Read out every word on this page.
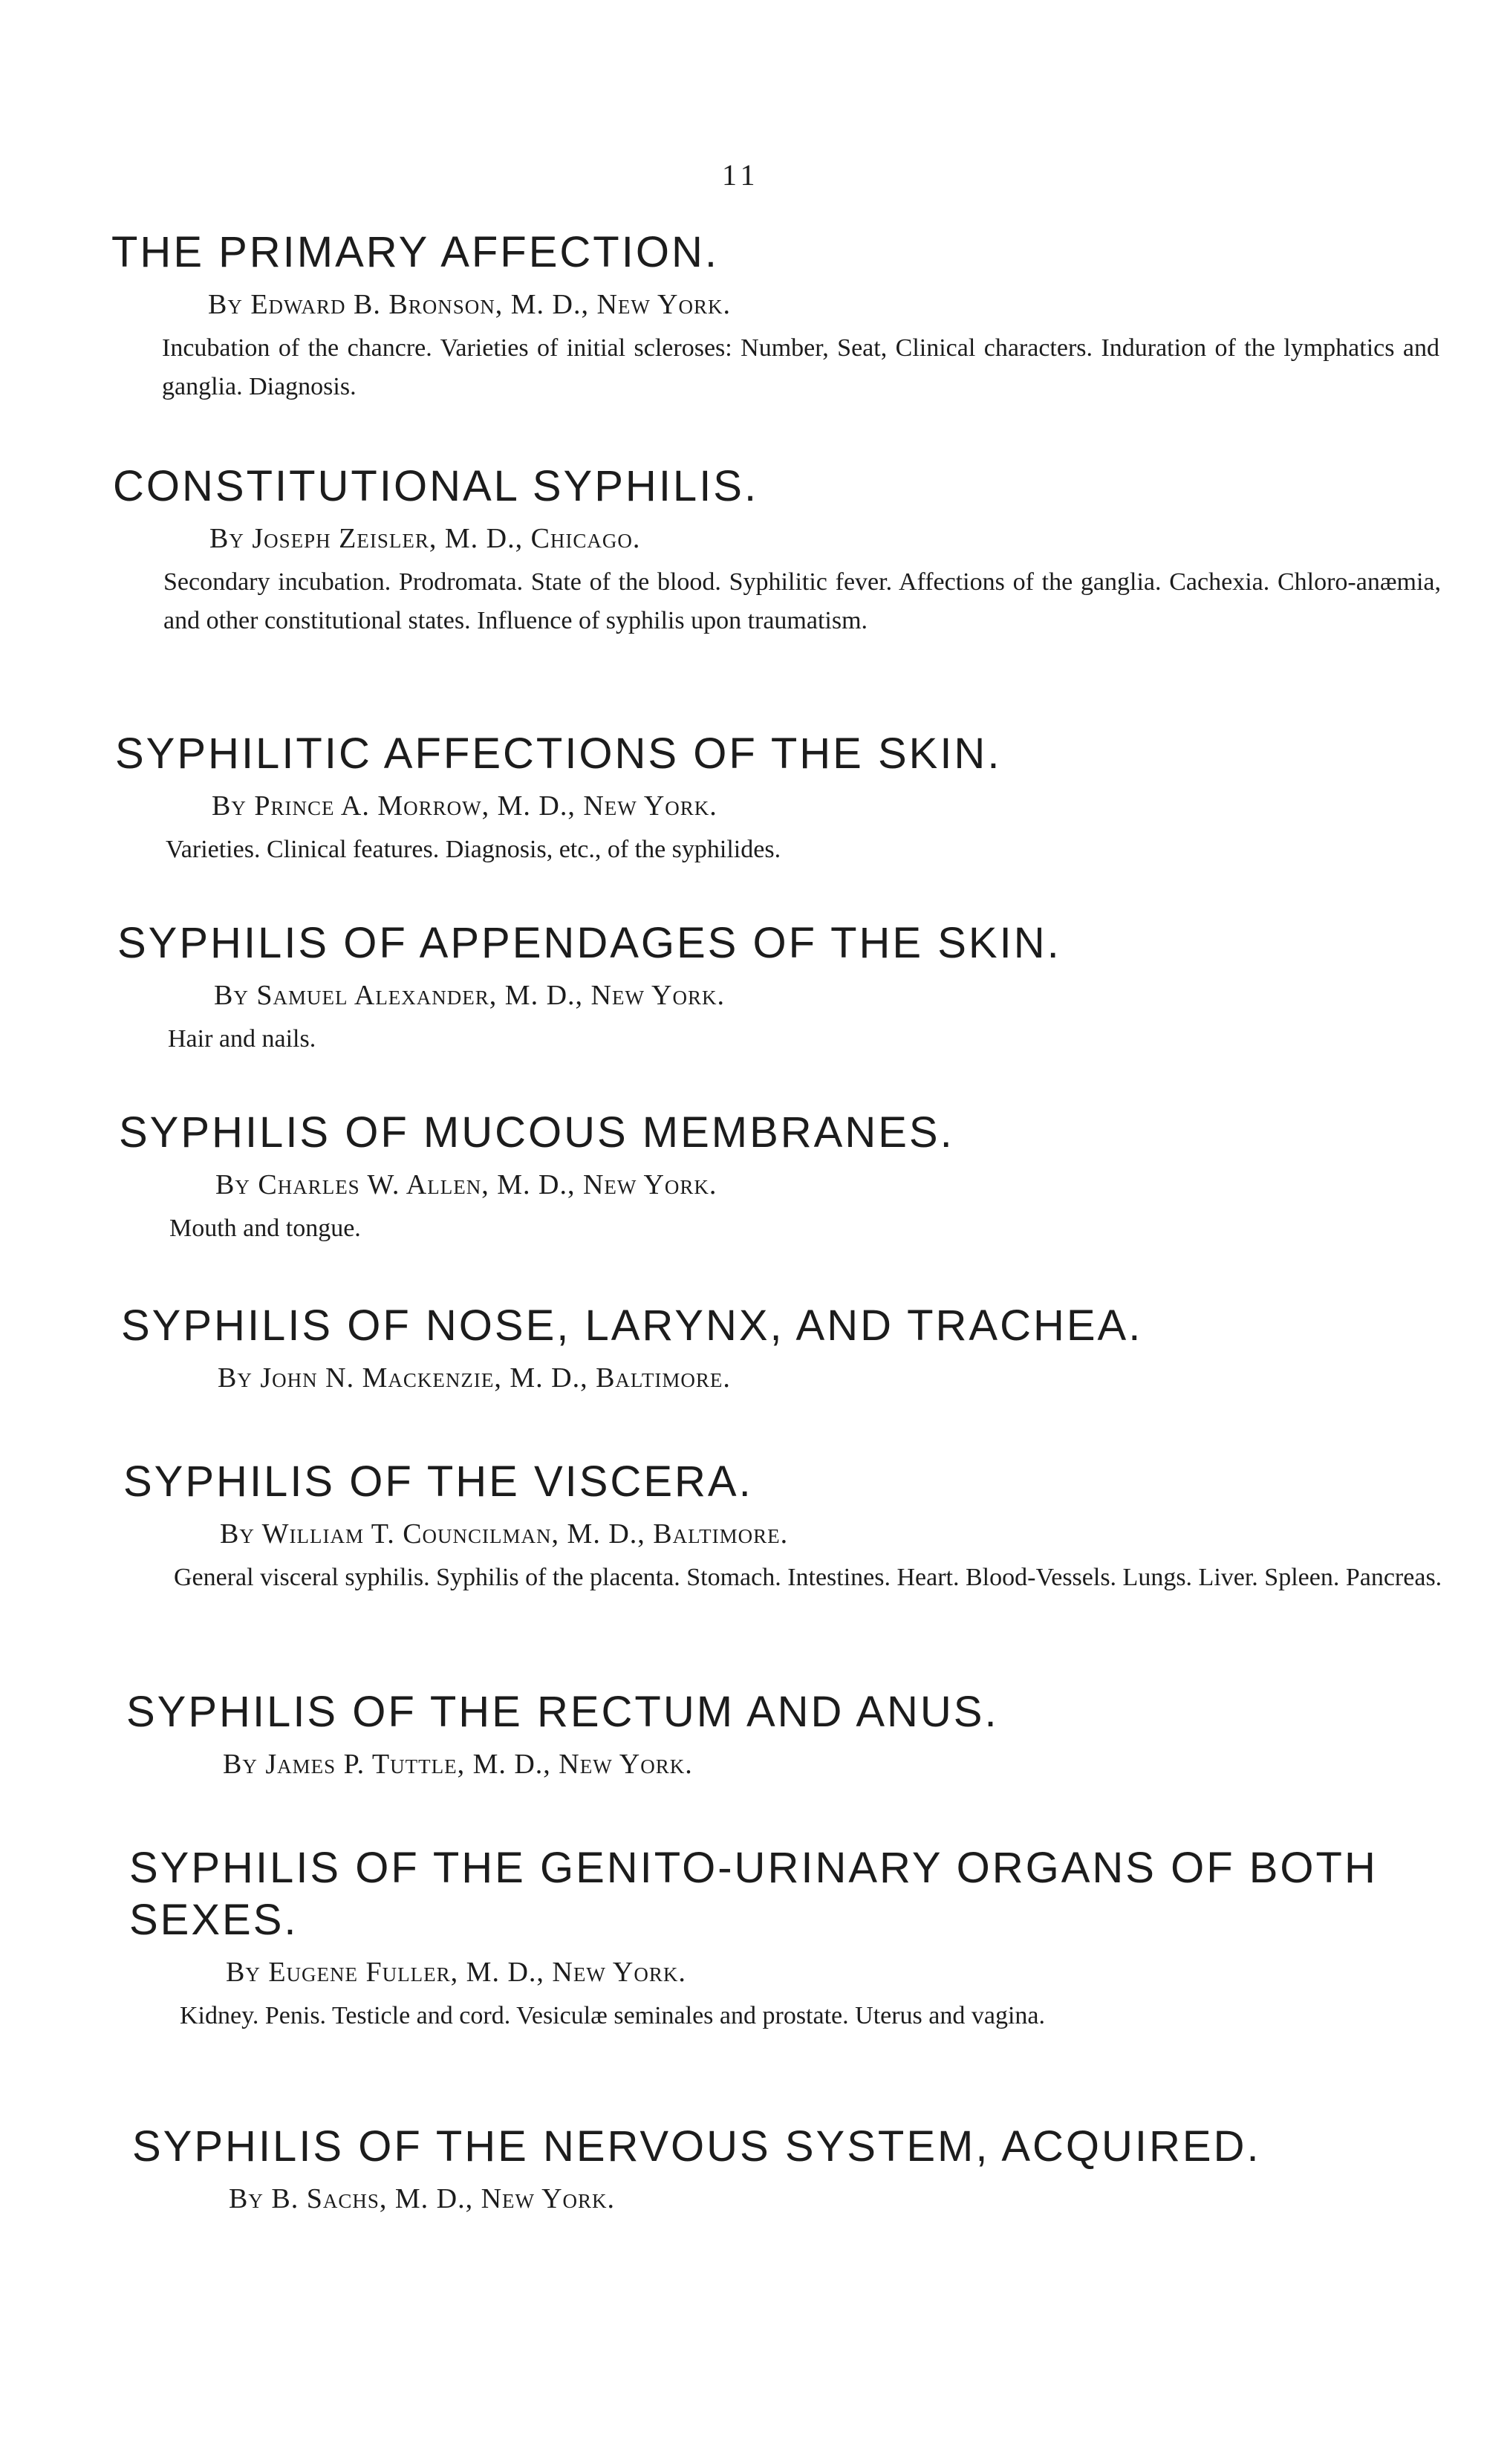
11
THE PRIMARY AFFECTION.
By Edward B. Bronson, M. D., New York.
Incubation of the chancre. Varieties of initial scleroses: Number, Seat, Clinical characters. Induration of the lymphatics and ganglia. Diagnosis.
CONSTITUTIONAL SYPHILIS.
By Joseph Zeisler, M. D., Chicago.
Secondary incubation. Prodromata. State of the blood. Syphilitic fever. Affections of the ganglia. Cachexia. Chloro-anæmia, and other constitutional states. Influence of syphilis upon traumatism.
SYPHILITIC AFFECTIONS OF THE SKIN.
By Prince A. Morrow, M. D., New York.
Varieties. Clinical features. Diagnosis, etc., of the syphilides.
SYPHILIS OF APPENDAGES OF THE SKIN.
By Samuel Alexander, M. D., New York.
Hair and nails.
SYPHILIS OF MUCOUS MEMBRANES.
By Charles W. Allen, M. D., New York.
Mouth and tongue.
SYPHILIS OF NOSE, LARYNX, AND TRACHEA.
By John N. Mackenzie, M. D., Baltimore.
SYPHILIS OF THE VISCERA.
By William T. Councilman, M. D., Baltimore.
General visceral syphilis. Syphilis of the placenta. Stomach. Intestines. Heart. Blood-Vessels. Lungs. Liver. Spleen. Pancreas.
SYPHILIS OF THE RECTUM AND ANUS.
By James P. Tuttle, M. D., New York.
SYPHILIS OF THE GENITO-URINARY ORGANS OF BOTH SEXES.
By Eugene Fuller, M. D., New York.
Kidney. Penis. Testicle and cord. Vesiculæ seminales and prostate. Uterus and vagina.
SYPHILIS OF THE NERVOUS SYSTEM, ACQUIRED.
By B. Sachs, M. D., New York.
